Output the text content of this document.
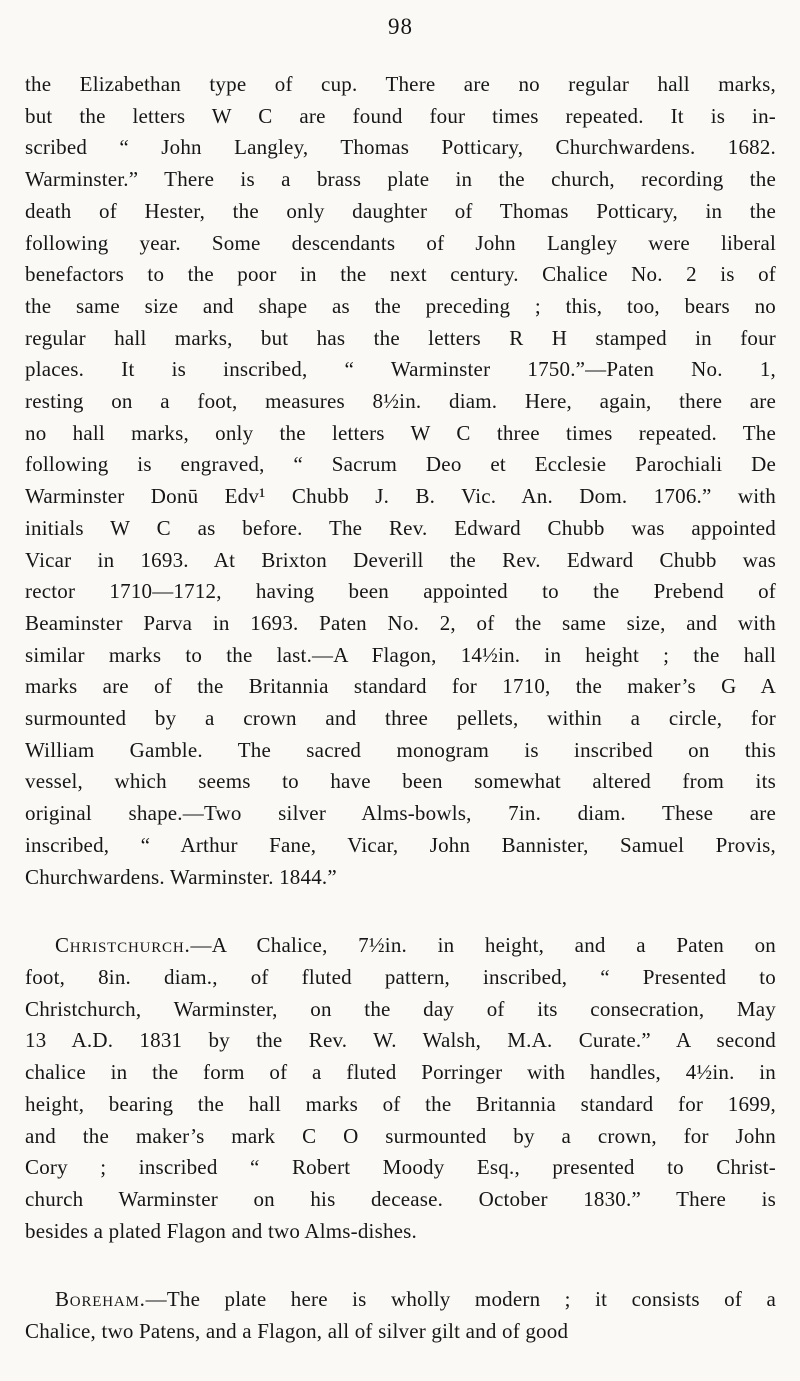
98
the Elizabethan type of cup. There are no regular hall marks,
but the letters W C are found four times repeated. It is in-
scribed “ John Langley, Thomas Potticary, Churchwardens. 1682.
Warminster.” There is a brass plate in the church, recording the
death of Hester, the only daughter of Thomas Potticary, in the
following year. Some descendants of John Langley were liberal
benefactors to the poor in the next century. Chalice No. 2 is of
the same size and shape as the preceding ; this, too, bears no
regular hall marks, but has the letters R H stamped in four
places. It is inscribed, “ Warminster 1750.”—Paten No. 1,
resting on a foot, measures 8½in. diam. Here, again, there are
no hall marks, only the letters W C three times repeated. The
following is engraved, “ Sacrum Deo et Ecclesie Parochiali De
Warminster Donū Edv¹ Chubb J. B. Vic. An. Dom. 1706.” with
initials W C as before. The Rev. Edward Chubb was appointed
Vicar in 1693. At Brixton Deverill the Rev. Edward Chubb was
rector 1710—1712, having been appointed to the Prebend of
Beaminster Parva in 1693. Paten No. 2, of the same size, and with
similar marks to the last.—A Flagon, 14½in. in height ; the hall
marks are of the Britannia standard for 1710, the maker’s G A
surmounted by a crown and three pellets, within a circle, for
William Gamble. The sacred monogram is inscribed on this
vessel, which seems to have been somewhat altered from its
original shape.—Two silver Alms-bowls, 7in. diam. These are
inscribed, “ Arthur Fane, Vicar, John Bannister, Samuel Provis,
Churchwardens. Warminster. 1844.”
Christchurch.—A Chalice, 7½in. in height, and a Paten on
foot, 8in. diam., of fluted pattern, inscribed, “ Presented to
Christchurch, Warminster, on the day of its consecration, May
13 A.D. 1831 by the Rev. W. Walsh, M.A. Curate.” A second
chalice in the form of a fluted Porringer with handles, 4½in. in
height, bearing the hall marks of the Britannia standard for 1699,
and the maker’s mark C O surmounted by a crown, for John
Cory ; inscribed “ Robert Moody Esq., presented to Christ-
church Warminster on his decease. October 1830.” There is
besides a plated Flagon and two Alms-dishes.
Boreham.—The plate here is wholly modern ; it consists of a
Chalice, two Patens, and a Flagon, all of silver gilt and of good
